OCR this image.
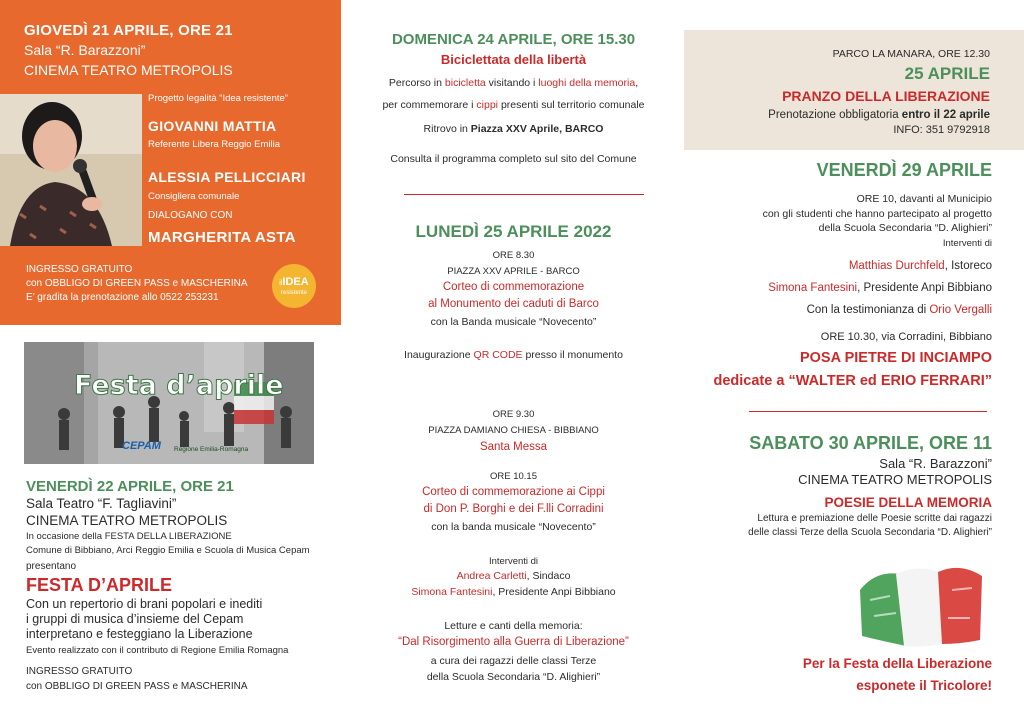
GIOVEDÌ 21 APRILE, ORE 21
Sala “R. Barazzoni”
CINEMA TEATRO METROPOLIS
Progetto legalità “Idea resistente”
GIOVANNI MATTIA
Referente Libera Reggio Emilia
ALESSIA PELLICCIARI
Consigliera comunale
DIALOGANO CON
MARGHERITA ASTA
INGRESSO GRATUITO
con OBBLIGO DI GREEN PASS e MASCHERINA
E’ gradita la prenotazione allo 0522 253231
ilIDEA
resistente
Festa d’aprile
CEPAM Regione Emilia-Romagna
VENERDÌ 22 APRILE, ORE 21
Sala Teatro “F. Tagliavini”
CINEMA TEATRO METROPOLIS
In occasione della FESTA DELLA LIBERAZIONE
Comune di Bibbiano, Arci Reggio Emilia e Scuola di Musica Cepam
presentano
FESTA D’APRILE
Con un repertorio di brani popolari e inediti
i gruppi di musica d’insieme del Cepam
interpretano e festeggiano la Liberazione
Evento realizzato con il contributo di Regione Emilia Romagna
INGRESSO GRATUITO
con OBBLIGO DI GREEN PASS e MASCHERINA
DOMENICA 24 APRILE, ORE 15.30
Biciclettata della libertà
Percorso in bicicletta visitando i luoghi della memoria,
per commemorare i cippi presenti sul territorio comunale
Ritrovo in Piazza XXV Aprile, BARCO
Consulta il programma completo sul sito del Comune
LUNEDÌ 25 APRILE 2022
ORE 8.30
PIAZZA XXV APRILE - BARCO
Corteo di commemorazione
al Monumento dei caduti di Barco
con la Banda musicale “Novecento”
Inaugurazione QR CODE presso il monumento
ORE 9.30
PIAZZA DAMIANO CHIESA - BIBBIANO
Santa Messa
ORE 10.15
Corteo di commemorazione ai Cippi
di Don P. Borghi e dei F.lli Corradini
con la banda musicale “Novecento”
Interventi di
Andrea Carletti, Sindaco
Simona Fantesini, Presidente Anpi Bibbiano
Letture e canti della memoria:
“Dal Risorgimento alla Guerra di Liberazione”
a cura dei ragazzi delle classi Terze
della Scuola Secondaria “D. Alighieri”
PARCO LA MANARA, ORE 12.30
25 APRILE
PRANZO DELLA LIBERAZIONE
Prenotazione obbligatoria entro il 22 aprile
INFO: 351 9792918
VENERDÌ 29 APRILE
ORE 10, davanti al Municipio
con gli studenti che hanno partecipato al progetto
della Scuola Secondaria “D. Alighieri”
Interventi di
Matthias Durchfeld, Istoreco
Simona Fantesini, Presidente Anpi Bibbiano
Con la testimonianza di Orio Vergalli
ORE 10.30, via Corradini, Bibbiano
POSA PIETRE DI INCIAMPO
dedicate a “WALTER ed ERIO FERRARI”
SABATO 30 APRILE, ORE 11
Sala “R. Barazzoni”
CINEMA TEATRO METROPOLIS
POESIE DELLA MEMORIA
Lettura e premiazione delle Poesie scritte dai ragazzi
delle classi Terze della Scuola Secondaria “D. Alighieri”
Per la Festa della Liberazione
esponete il Tricolore!
